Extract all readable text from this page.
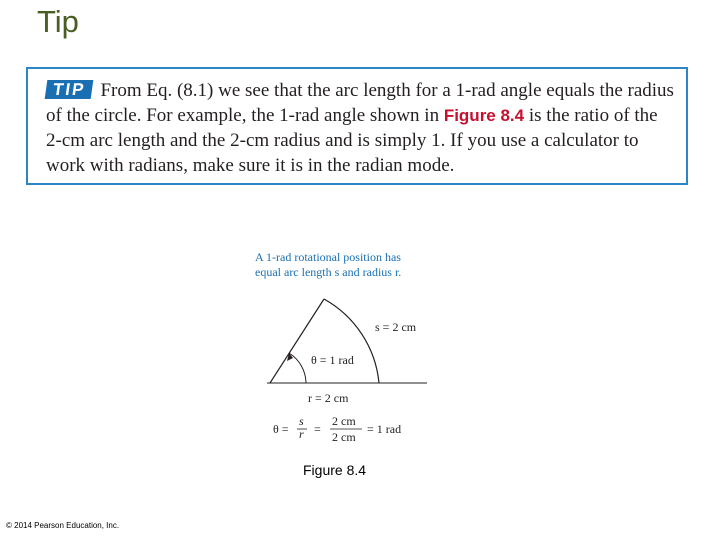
Tip
TIP From Eq. (8.1) we see that the arc length for a 1-rad angle equals the radius of the circle. For example, the 1-rad angle shown in Figure 8.4 is the ratio of the 2-cm arc length and the 2-cm radius and is simply 1. If you use a calculator to work with radians, make sure it is in the radian mode.
A 1-rad rotational position has
equal arc length s and radius r.
s = 2 cm
θ = 1 rad
r = 2 cm
θ =
s
r =
2 cm
2 cm
= 1 rad
Figure 8.4
© 2014 Pearson Education, Inc.
